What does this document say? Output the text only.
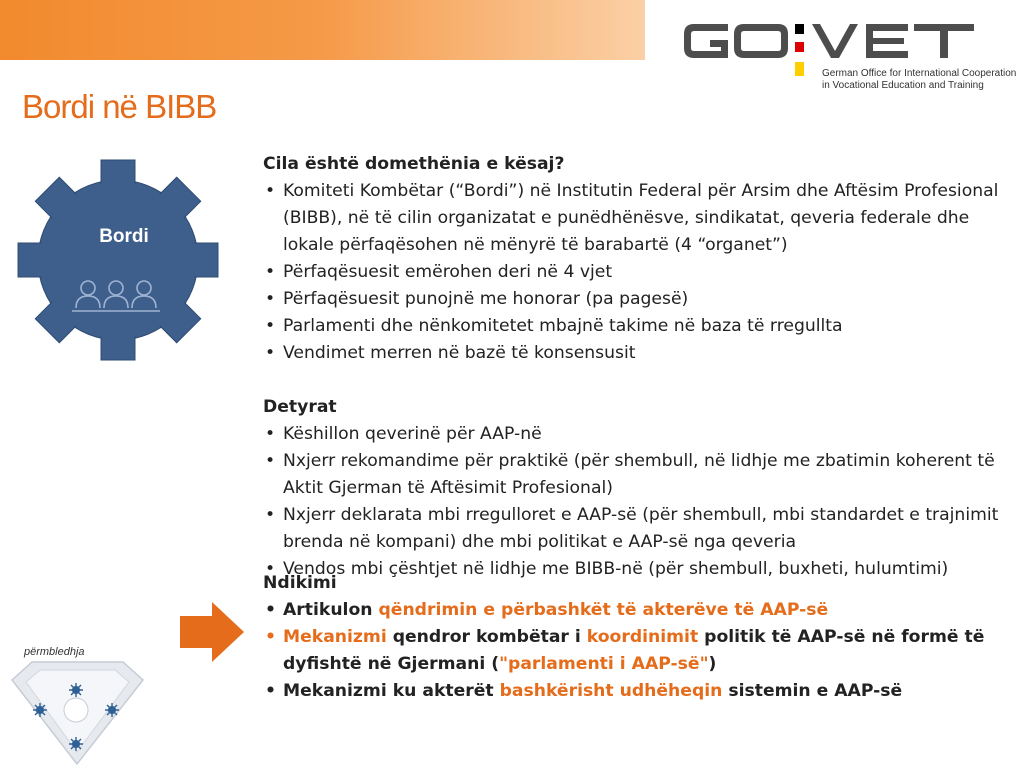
German Office for International Cooperation
in Vocational Education and Training
Bordi në BIBB
Bordi
Cila është domethënia e kësaj?
• Komiteti Kombëtar (“Bordi”) në Institutin Federal për Arsim dhe Aftësim Profesional (BIBB), në të cilin organizatat e punëdhënësve, sindikatat, qeveria federale dhe lokale përfaqësohen në mënyrë të barabartë (4 “organet”)
• Përfaqësuesit emërohen deri në 4 vjet
• Përfaqësuesit punojnë me honorar (pa pagesë)
• Parlamenti dhe nënkomitetet mbajnë takime në baza të rregullta
• Vendimet merren në bazë të konsensusit
Detyrat
• Këshillon qeverinë për AAP-në
• Nxjerr rekomandime për praktikë (për shembull, në lidhje me zbatimin koherent të Aktit Gjerman të Aftësimit Profesional)
• Nxjerr deklarata mbi rregulloret e AAP-së (për shembull, mbi standardet e trajnimit brenda në kompani) dhe mbi politikat e AAP-së nga qeveria
• Vendos mbi çështjet në lidhje me BIBB-në (për shembull, buxheti, hulumtimi)
Ndikimi
• Artikulon qëndrimin e përbashkët të akterëve të AAP-së
• Mekanizmi qendror kombëtar i koordinimit politik të AAP-së në formë të dyfishtë në Gjermani ("parlamenti i AAP-së")
• Mekanizmi ku akterët bashkërisht udhëheqin sistemin e AAP-së
përmbledhja
